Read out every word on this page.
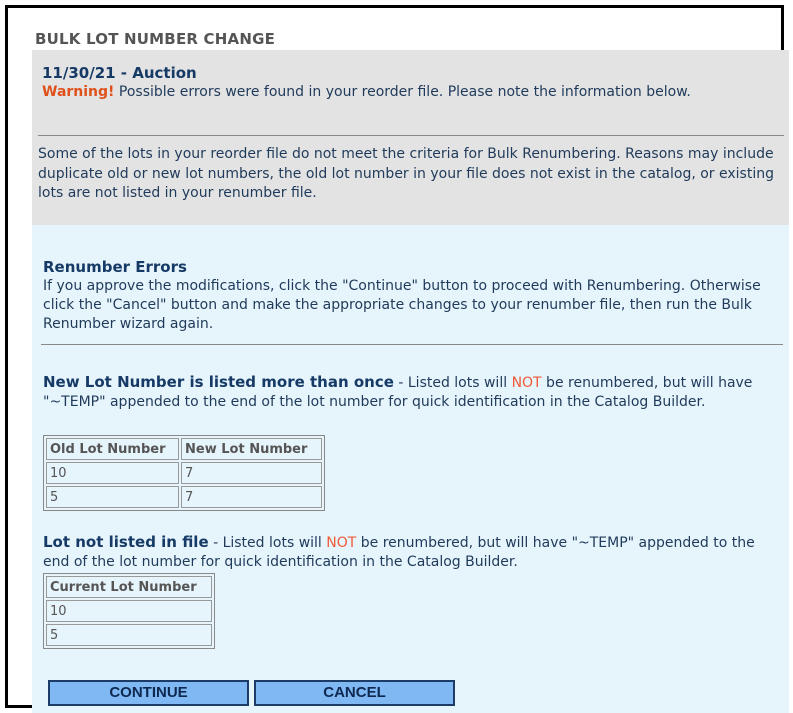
BULK LOT NUMBER CHANGE
11/30/21 - Auction
Warning! Possible errors were found in your reorder file. Please note the information below.
Some of the lots in your reorder file do not meet the criteria for Bulk Renumbering. Reasons may include duplicate old or new lot numbers, the old lot number in your file does not exist in the catalog, or existing lots are not listed in your renumber file.
Renumber Errors
If you approve the modifications, click the "Continue" button to proceed with Renumbering. Otherwise click the "Cancel" button and make the appropriate changes to your renumber file, then run the Bulk Renumber wizard again.
New Lot Number is listed more than once - Listed lots will NOT be renumbered, but will have "~TEMP" appended to the end of the lot number for quick identification in the Catalog Builder.
Old Lot Number	New Lot Number
10	7
5	7
Lot not listed in file - Listed lots will NOT be renumbered, but will have "~TEMP" appended to the end of the lot number for quick identification in the Catalog Builder.
Current Lot Number
10
5
CONTINUE	CANCEL
